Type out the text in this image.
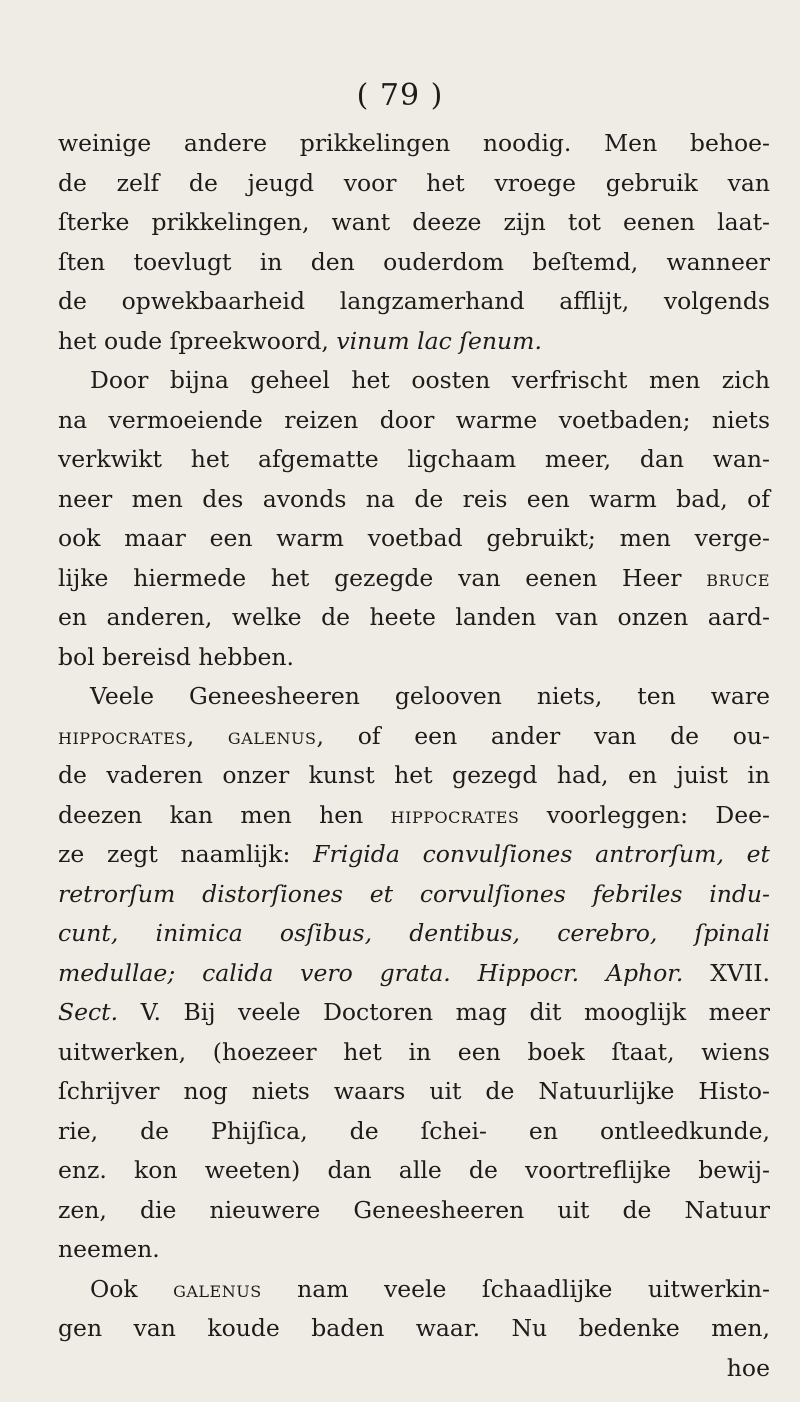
( 79 )
weinige andere prikkelingen noodig. Men behoe-
de zelf de jeugd voor het vroege gebruik van
ſterke prikkelingen, want deeze zijn tot eenen laat-
ſten toevlugt in den ouderdom beſtemd, wanneer
de opwekbaarheid langzamerhand afflijt, volgends
het oude ſpreekwoord, vinum lac ſenum.
Door bijna geheel het oosten verfrischt men zich
na vermoeiende reizen door warme voetbaden; niets
verkwikt het afgematte ligchaam meer, dan wan-
neer men des avonds na de reis een warm bad, of
ook maar een warm voetbad gebruikt; men verge-
lijke hiermede het gezegde van eenen Heer bruce
en anderen, welke de heete landen van onzen aard-
bol bereisd hebben.
Veele Geneesheeren gelooven niets, ten ware
hippocrates, galenus, of een ander van de ou-
de vaderen onzer kunst het gezegd had, en juist in
deezen kan men hen hippocrates voorleggen: Dee-
ze zegt naamlijk: Frigida convulſiones antrorſum, et
retrorſum distorſiones et corvulſiones febriles indu-
cunt, inimica osſibus, dentibus, cerebro, ſpinali
medullae; calida vero grata. Hippocr. Aphor. XVII.
Sect. V. Bij veele Doctoren mag dit mooglijk meer
uitwerken, (hoezeer het in een boek ſtaat, wiens
ſchrijver nog niets waars uit de Natuurlijke Histo-
rie, de Phijſica, de ſchei- en ontleedkunde,
enz. kon weeten) dan alle de voortreflijke bewij-
zen, die nieuwere Geneesheeren uit de Natuur
neemen.
Ook galenus nam veele ſchaadlijke uitwerkin-
gen van koude baden waar. Nu bedenke men,
hoe
